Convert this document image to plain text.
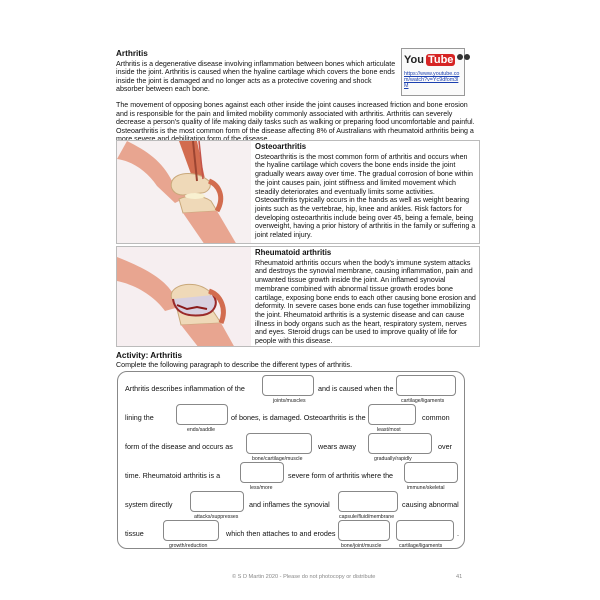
Arthritis

Arthritis is a degenerative disease involving inflammation between bones which articulate inside the joint. Arthritis is caused when the hyaline cartilage which covers the bone ends inside the joint is damaged and no longer acts as a protective covering and shock absorber between each bone.

You Tube
https://www.youtube.com/watch?v=Yc9dfom3lM
The movement of opposing bones against each other inside the joint causes increased friction and bone erosion and is responsible for the pain and limited mobility commonly associated with arthritis. Arthritis can severely decrease a person's quality of life making daily tasks such as walking or preparing food uncomfortable and painful. Osteoarthritis is the most common form of the disease affecting 8% of Australians with rheumatoid arthritis being a
Osteoarthritis

Osteoarthritis is the most common form of arthritis and occurs when the hyaline cartilage which covers the bone ends inside the joint gradually wears away over time. The gradual corrosion of bone within the joint causes pain, joint stiffness and limited movement which steadily deteriorates and eventually limits some activities. Osteoarthritis typically occurs in the hands as well as weight bearing joints such as the vertebrae, hip, knee and ankles. Risk factors for developing osteoarthritis include being over 45, being a female, being overweight, having a prior history of arthritis in the family or suffering a joint related injury.

Rheumatoid arthritis

Rheumatoid arthritis occurs when the body's immune system attacks and destroys the synovial membrane, causing inflammation, pain and unwanted tissue growth inside the joint. An inflamed synovial membrane combined with abnormal tissue growth erodes bone cartilage, exposing bone ends to each other causing bone erosion and deformity. In severe cases bone ends can fuse together immobilizing the joint. Rheumatoid arthritis is a systemic disease and can cause illness in body organs such as the heart, respiratory system, nerves and eyes. Steroid drugs can be used to improve quality of life for people with this disease.

Activity: Arthritis
Complete the following paragraph to describe the different types of arthritis.
Arthritis describes inflammation of the
joints/muscles
and is caused when the
cartilage/ligaments
lining the
ends/saddle
of bones, is damaged. Osteoarthritis is the
least/most
common
form of the disease and occurs as
bone/cartilage/muscle
wears away
gradually/rapidly
over
time. Rheumatoid arthritis is a
less/more
severe form of arthritis where the
immune/skeletal
system directly
attacks/suppresses
and inflames the synovial
capsule/fluid/membrane
causing abnormal
tissue
growth/reduction
which then attaches to and erodes
bone/joint/muscle	cartilage/ligaments
.
© S D Martin 2020 - Please do not photocopy or distribute	41
